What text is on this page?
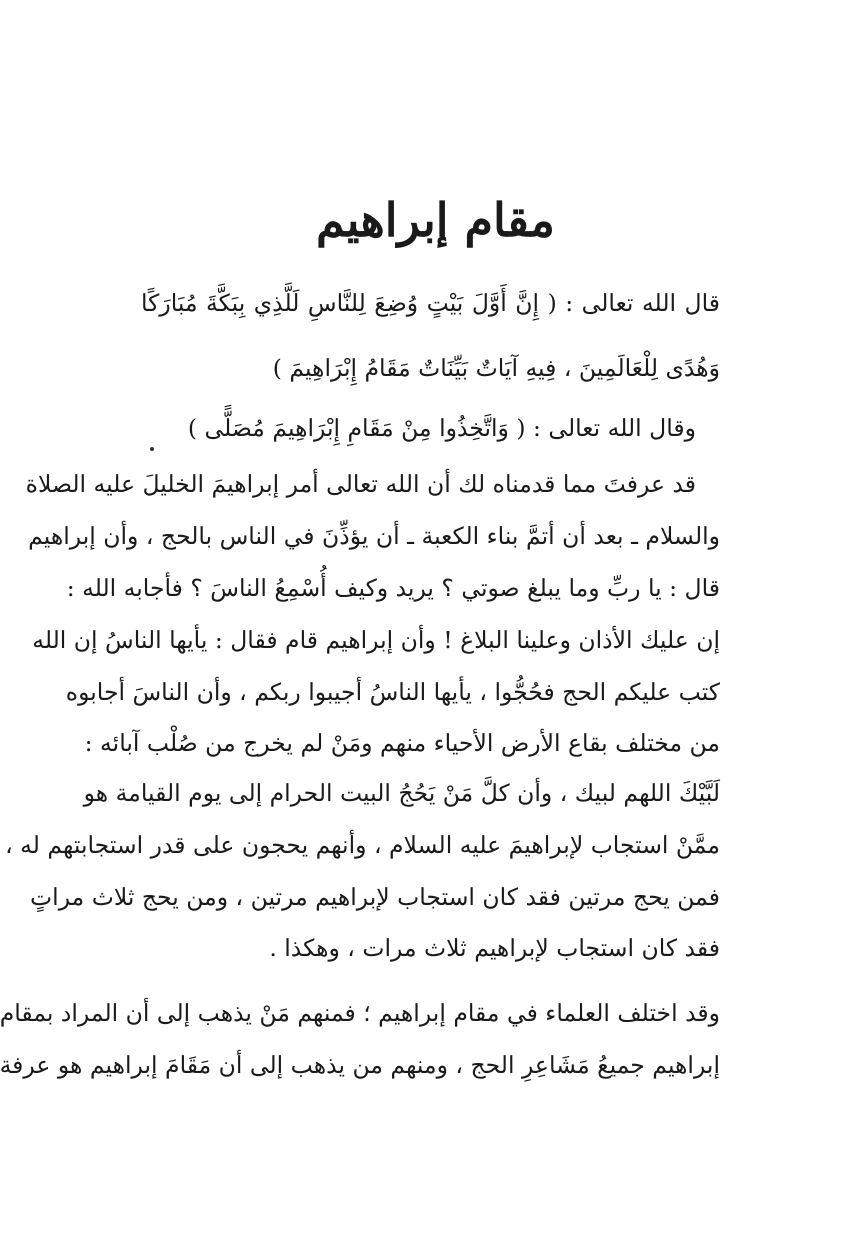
مقام إبراهيم
قال الله تعالى : ( إِنَّ أَوَّلَ بَيْتٍ وُضِعَ لِلنَّاسِ لَلَّذِي بِبَكَّةَ مُبَارَكًا
وَهُدًى لِلْعَالَمِينَ ، فِيهِ آيَاتٌ بَيِّنَاتٌ مَقَامُ إِبْرَاهِيمَ )
وقال الله تعالى : ( وَاتَّخِذُوا مِنْ مَقَامِ إِبْرَاهِيمَ مُصَلًّى )
قد عرفتَ مما قدمناه لك أن الله تعالى أمر إبراهيمَ الخليلَ عليه الصلاة
والسلام ـ بعد أن أتمَّ بناء الكعبة ـ أن يؤذِّنَ في الناس بالحج ، وأن إبراهيم
قال : يا ربِّ وما يبلغ صوتي ؟ يريد وكيف أُسْمِعُ الناسَ ؟ فأجابه الله :
إن عليك الأذان وعلينا البلاغ ! وأن إبراهيم قام فقال : يأيها الناسُ إن الله
كتب عليكم الحج فحُجُّوا ، يأيها الناسُ أجيبوا ربكم ، وأن الناسَ أجابوه
من مختلف بقاع الأرض الأحياء منهم ومَنْ لم يخرج من صُلْب آبائه :
لَبَّيْكَ اللهم لبيك ، وأن كلَّ مَنْ يَحُجُ البيت الحرام إلى يوم القيامة هو
ممَّنْ استجاب لإبراهيمَ عليه السلام ، وأنهم يحجون على قدر استجابتهم له ،
فمن يحج مرتين فقد كان استجاب لإبراهيم مرتين ، ومن يحج ثلاث مراتٍ
فقد كان استجاب لإبراهيم ثلاث مرات ، وهكذا .
وقد اختلف العلماء في مقام إبراهيم ؛ فمنهم مَنْ يذهب إلى أن المراد بمقام
إبراهيم جميعُ مَشَاعِرِ الحج ، ومنهم من يذهب إلى أن مَقَامَ إبراهيم هو عرفة
